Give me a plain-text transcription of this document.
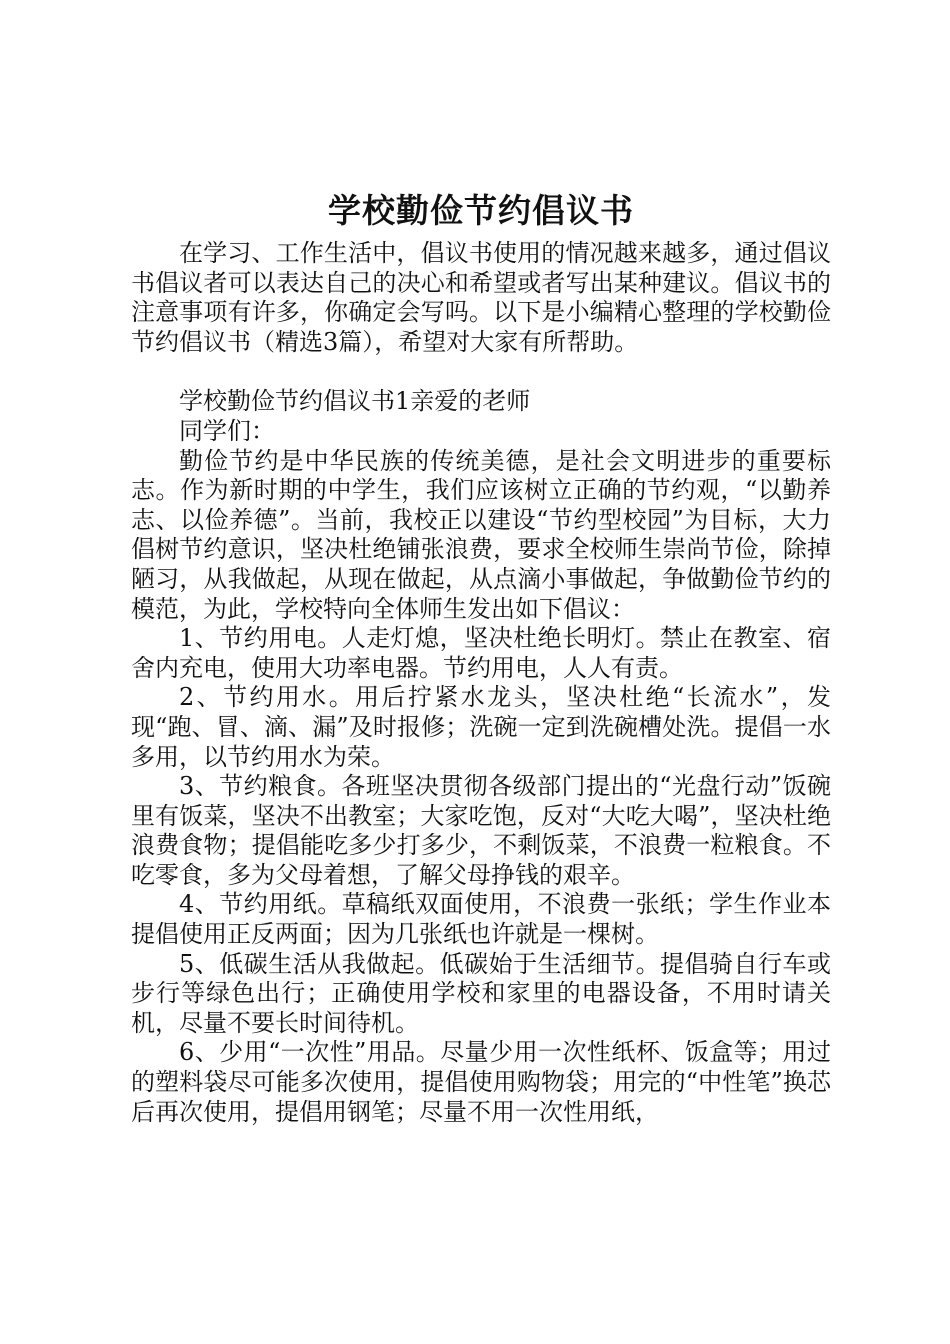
学校勤俭节约倡议书

在学习、工作生活中，倡议书使用的情况越来越多，通过倡议书倡议者可以表达自己的决心和希望或者写出某种建议。倡议书的注意事项有许多，你确定会写吗。以下是小编精心整理的学校勤俭节约倡议书（精选3篇），希望对大家有所帮助。

学校勤俭节约倡议书1亲爱的老师

同学们：

勤俭节约是中华民族的传统美德，是社会文明进步的重要标志。作为新时期的中学生，我们应该树立正确的节约观，“以勤养志、以俭养德”。当前，我校正以建设“节约型校园”为目标，大力倡树节约意识，坚决杜绝铺张浪费，要求全校师生崇尚节俭，除掉陋习，从我做起，从现在做起，从点滴小事做起，争做勤俭节约的模范，为此，学校特向全体师生发出如下倡议：

1、节约用电。人走灯熄，坚决杜绝长明灯。禁止在教室、宿舍内充电，使用大功率电器。节约用电，人人有责。

2、节约用水。用后拧紧水龙头，坚决杜绝“长流水”，发现“跑、冒、滴、漏”及时报修；洗碗一定到洗碗槽处洗。提倡一水多用，以节约用水为荣。

3、节约粮食。各班坚决贯彻各级部门提出的“光盘行动”饭碗里有饭菜，坚决不出教室；大家吃饱，反对“大吃大喝”，坚决杜绝浪费食物；提倡能吃多少打多少，不剩饭菜，不浪费一粒粮食。不吃零食，多为父母着想，了解父母挣钱的艰辛。

4、节约用纸。草稿纸双面使用，不浪费一张纸；学生作业本提倡使用正反两面；因为几张纸也许就是一棵树。

5、低碳生活从我做起。低碳始于生活细节。提倡骑自行车或步行等绿色出行；正确使用学校和家里的电器设备，不用时请关机，尽量不要长时间待机。

6、少用“一次性”用品。尽量少用一次性纸杯、饭盒等；用过的塑料袋尽可能多次使用，提倡使用购物袋；用完的“中性笔”换芯后再次使用，提倡用钢笔；尽量不用一次性用纸，
